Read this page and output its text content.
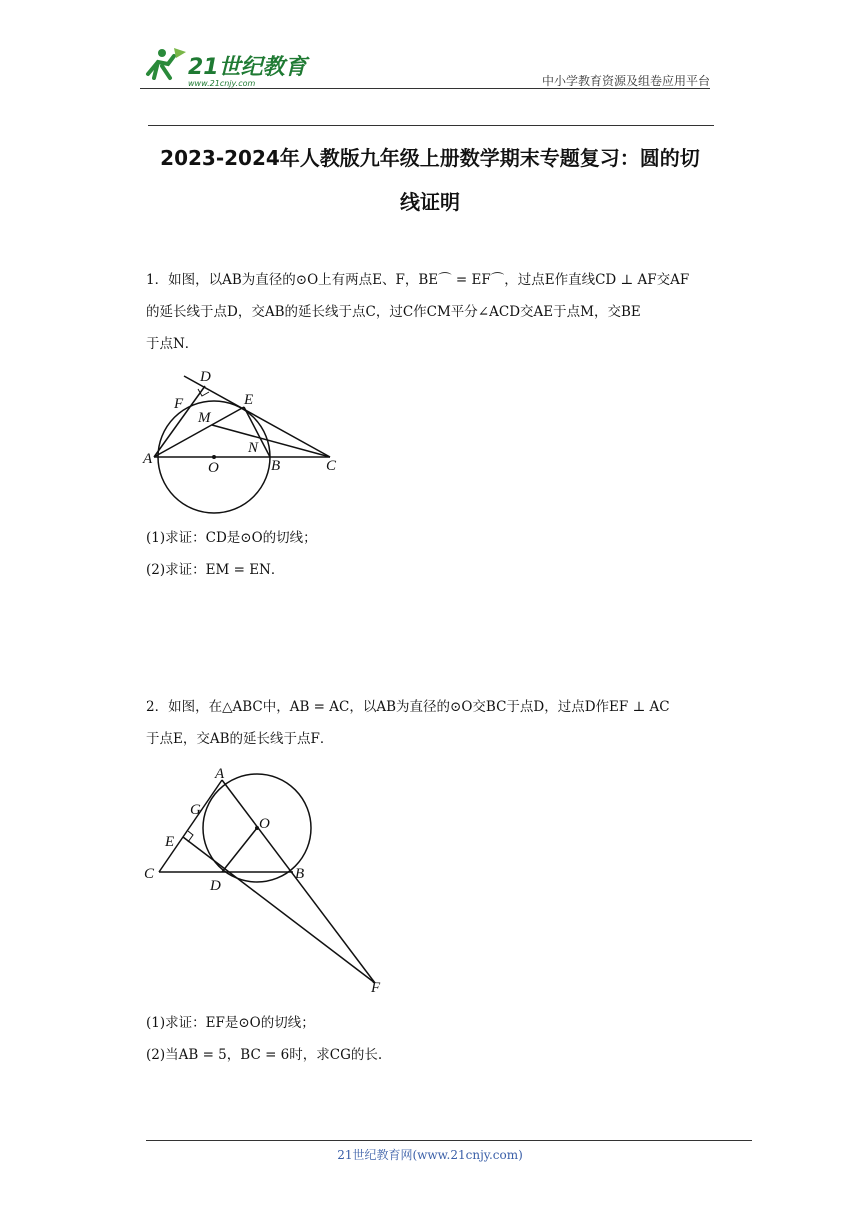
21世纪教育
www.21cnjy.com	中小学教育资源及组卷应用平台
2023-2024年人教版九年级上册数学期末专题复习：圆的切
线证明
1．如图，以AB为直径的⊙O上有两点E、F，BE⌒ = EF⌒，过点E作直线CD ⊥ AF交AF
的延长线于点D，交AB的延长线于点C，过C作CM平分∠ACD交AE于点M，交BE
于点N．
D
F	E
M
N
A
O	B	C
(1)求证：CD是⊙O的切线；
(2)求证：EM = EN．
2．如图，在△ABC中，AB = AC，以AB为直径的⊙O交BC于点D，过点D作EF ⊥ AC
于点E，交AB的延长线于点F．
A
G
O
E
C
D
B
F
(1)求证：EF是⊙O的切线；
(2)当AB = 5，BC = 6时，求CG的长.
21世纪教育网(www.21cnjy.com)
